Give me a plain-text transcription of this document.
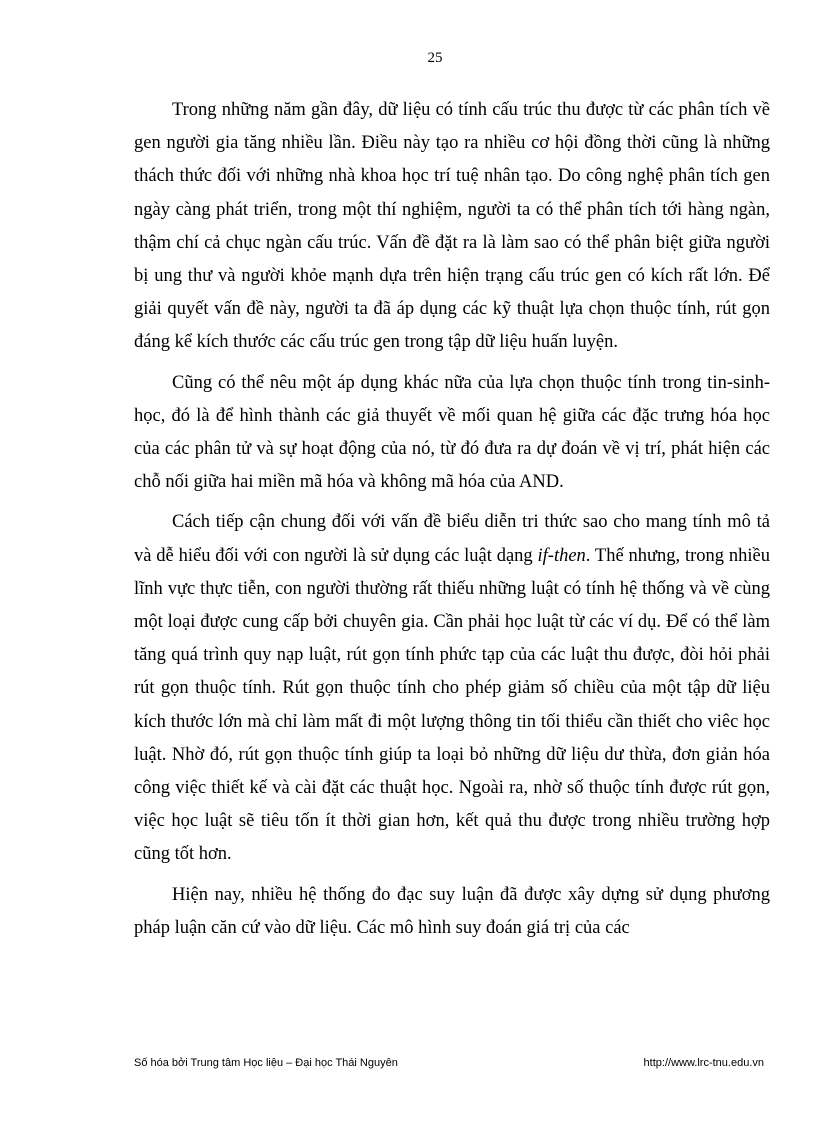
25

Trong những năm gần đây, dữ liệu có tính cấu trúc thu được từ các phân tích về gen người gia tăng nhiều lần. Điều này tạo ra nhiều cơ hội đồng thời cũng là những thách thức đối với những nhà khoa học trí tuệ nhân tạo. Do công nghệ phân tích gen ngày càng phát triển, trong một thí nghiệm, người ta có thể phân tích tới hàng ngàn, thậm chí cả chục ngàn cấu trúc. Vấn đề đặt ra là làm sao có thể phân biệt giữa người bị ung thư và người khỏe mạnh dựa trên hiện trạng cấu trúc gen có kích rất lớn. Để giải quyết vấn đề này, người ta đã áp dụng các kỹ thuật lựa chọn thuộc tính, rút gọn đáng kể kích thước các cấu trúc gen trong tập dữ liệu huấn luyện.

Cũng có thể nêu một áp dụng khác nữa của lựa chọn thuộc tính trong tin-sinh-học, đó là để hình thành các giả thuyết về mối quan hệ giữa các đặc trưng hóa học của các phân tử và sự hoạt động của nó, từ đó đưa ra dự đoán về vị trí, phát hiện các chỗ nối giữa hai miền mã hóa và không mã hóa của AND.

Cách tiếp cận chung đối với vấn đề biểu diễn tri thức sao cho mang tính mô tả và dễ hiểu đối với con người là sử dụng các luật dạng if-then. Thế nhưng, trong nhiều lĩnh vực thực tiễn, con người thường rất thiếu những luật có tính hệ thống và về cùng một loại được cung cấp bởi chuyên gia. Cần phải học luật từ các ví dụ. Để có thể làm tăng quá trình quy nạp luật, rút gọn tính phức tạp của các luật thu được, đòi hỏi phải rút gọn thuộc tính. Rút gọn thuộc tính cho phép giảm số chiều của một tập dữ liệu kích thước lớn mà chỉ làm mất đi một lượng thông tin tối thiểu cần thiết cho viêc học luật. Nhờ đó, rút gọn thuộc tính giúp ta loại bỏ những dữ liệu dư thừa, đơn giản hóa công việc thiết kế và cài đặt các thuật học. Ngoài ra, nhờ số thuộc tính được rút gọn, việc học luật sẽ tiêu tốn ít thời gian hơn, kết quả thu được trong nhiều trường hợp cũng tốt hơn.

Hiện nay, nhiều hệ thống đo đạc suy luận đã được xây dựng sử dụng phương pháp luận căn cứ vào dữ liệu. Các mô hình suy đoán giá trị của các

Số hóa bởi Trung tâm Học liệu – Đại học Thái Nguyên	http://www.lrc-tnu.edu.vn
